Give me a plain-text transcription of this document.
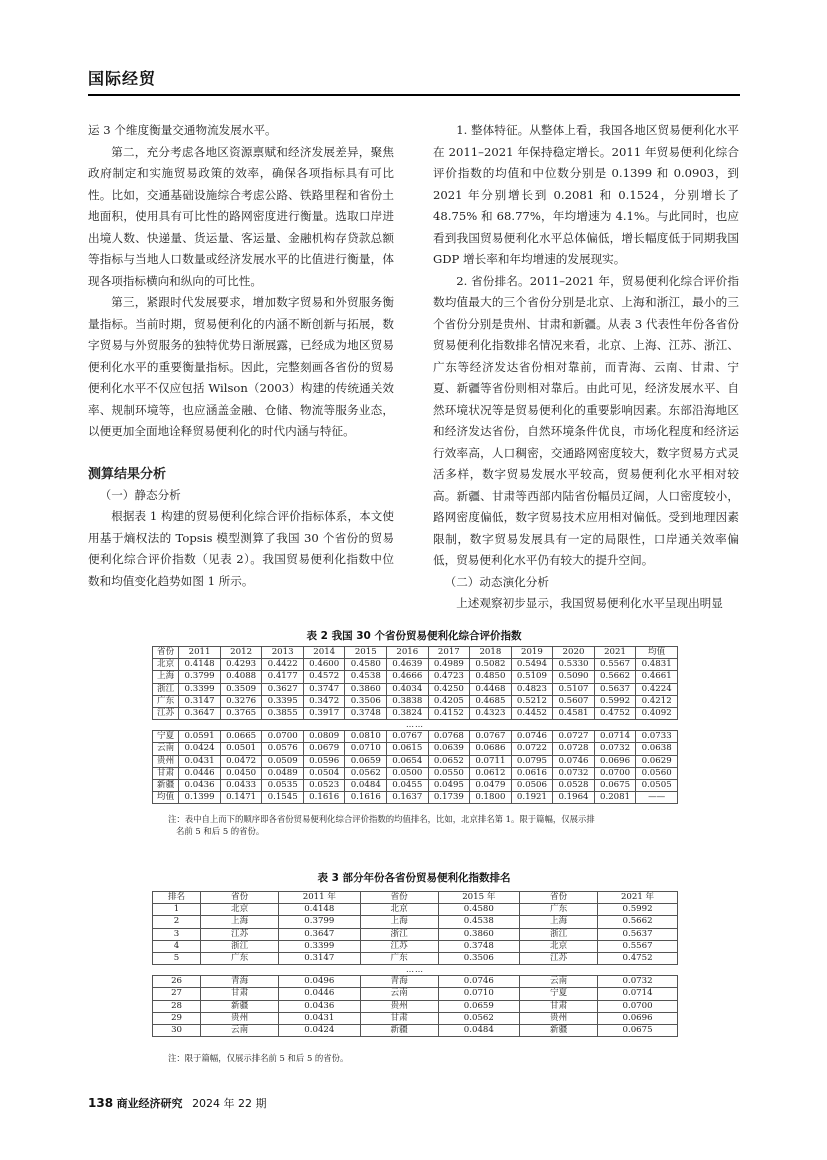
国际经贸

运 3 个维度衡量交通物流发展水平。

第二，充分考虑各地区资源禀赋和经济发展差异，聚焦政府制定和实施贸易政策的效率，确保各项指标具有可比性。比如，交通基础设施综合考虑公路、铁路里程和省份土地面积，使用具有可比性的路网密度进行衡量。选取口岸进出境人数、快递量、货运量、客运量、金融机构存贷款总额等指标与当地人口数量或经济发展水平的比值进行衡量，体现各项指标横向和纵向的可比性。

第三，紧跟时代发展要求，增加数字贸易和外贸服务衡量指标。当前时期，贸易便利化的内涵不断创新与拓展，数字贸易与外贸服务的独特优势日渐展露，已经成为地区贸易便利化水平的重要衡量指标。因此，完整刻画各省份的贸易便利化水平不仅应包括 Wilson（2003）构建的传统通关效率、规制环境等，也应涵盖金融、仓储、物流等服务业态，以便更加全面地诠释贸易便利化的时代内涵与特征。

测算结果分析

（一）静态分析

根据表 1 构建的贸易便利化综合评价指标体系，本文使用基于熵权法的 Topsis 模型测算了我国 30 个省份的贸易便利化综合评价指数（见表 2）。我国贸易便利化指数中位数和均值变化趋势如图 1 所示。

1. 整体特征。从整体上看，我国各地区贸易便利化水平在 2011–2021 年保持稳定增长。2011 年贸易便利化综合评价指数的均值和中位数分别是 0.1399 和 0.0903，到 2021 年分别增长到 0.2081 和 0.1524，分别增长了 48.75% 和 68.77%，年均增速为 4.1%。与此同时，也应看到我国贸易便利化水平总体偏低，增长幅度低于同期我国 GDP 增长率和年均增速的发展现实。

2. 省份排名。2011–2021 年，贸易便利化综合评价指数均值最大的三个省份分别是北京、上海和浙江，最小的三个省份分别是贵州、甘肃和新疆。从表 3 代表性年份各省份贸易便利化指数排名情况来看，北京、上海、江苏、浙江、广东等经济发达省份相对靠前，而青海、云南、甘肃、宁夏、新疆等省份则相对靠后。由此可见，经济发展水平、自然环境状况等是贸易便利化的重要影响因素。东部沿海地区和经济发达省份，自然环境条件优良，市场化程度和经济运行效率高，人口稠密，交通路网密度较大，数字贸易方式灵活多样，数字贸易发展水平较高，贸易便利化水平相对较高。新疆、甘肃等西部内陆省份幅员辽阔，人口密度较小，路网密度偏低，数字贸易技术应用相对偏低。受到地理因素限制，数字贸易发展具有一定的局限性，口岸通关效率偏低，贸易便利化水平仍有较大的提升空间。

（二）动态演化分析

上述观察初步显示，我国贸易便利化水平呈现出明显

表 2 我国 30 个省份贸易便利化综合评价指数
省份	2011	2012	2013	2014	2015	2016	2017	2018	2019	2020	2021	均值
北京	0.4148	0.4293	0.4422	0.4600	0.4580	0.4639	0.4989	0.5082	0.5494	0.5330	0.5567	0.4831
上海	0.3799	0.4088	0.4177	0.4572	0.4538	0.4666	0.4723	0.4850	0.5109	0.5090	0.5662	0.4661
浙江	0.3399	0.3509	0.3627	0.3747	0.3860	0.4034	0.4250	0.4468	0.4823	0.5107	0.5637	0.4224
广东	0.3147	0.3276	0.3395	0.3472	0.3506	0.3838	0.4205	0.4685	0.5212	0.5607	0.5992	0.4212
江苏	0.3647	0.3765	0.3855	0.3917	0.3748	0.3824	0.4152	0.4323	0.4452	0.4581	0.4752	0.4092
……												
宁夏	0.0591	0.0665	0.0700	0.0809	0.0810	0.0767	0.0768	0.0767	0.0746	0.0727	0.0714	0.0733
云南	0.0424	0.0501	0.0576	0.0679	0.0710	0.0615	0.0639	0.0686	0.0722	0.0728	0.0732	0.0638
贵州	0.0431	0.0472	0.0509	0.0596	0.0659	0.0654	0.0652	0.0711	0.0795	0.0746	0.0696	0.0629
甘肃	0.0446	0.0450	0.0489	0.0504	0.0562	0.0500	0.0550	0.0612	0.0616	0.0732	0.0700	0.0560
新疆	0.0436	0.0433	0.0535	0.0523	0.0484	0.0455	0.0495	0.0479	0.0506	0.0528	0.0675	0.0505
均值	0.1399	0.1471	0.1545	0.1616	0.1616	0.1637	0.1739	0.1800	0.1921	0.1964	0.2081	——
注：表中自上而下的顺序即各省份贸易便利化综合评价指数的均值排名，比如，北京排名第 1。限于篇幅，仅展示排
名前 5 和后 5 的省份。
表 3 部分年份各省份贸易便利化指数排名
排名	省份	2011 年	省份	2015 年	省份	2021 年
1	北京	0.4148	北京	0.4580	广东	0.5992
2	上海	0.3799	上海	0.4538	上海	0.5662
3	江苏	0.3647	浙江	0.3860	浙江	0.5637
4	浙江	0.3399	江苏	0.3748	北京	0.5567
5	广东	0.3147	广东	0.3506	江苏	0.4752
……						
26	青海	0.0496	青海	0.0746	云南	0.0732
27	甘肃	0.0446	云南	0.0710	宁夏	0.0714
28	新疆	0.0436	贵州	0.0659	甘肃	0.0700
29	贵州	0.0431	甘肃	0.0562	贵州	0.0696
30	云南	0.0424	新疆	0.0484	新疆	0.0675
注：限于篇幅，仅展示排名前 5 和后 5 的省份。
138 商业经济研究 2024 年 22 期
